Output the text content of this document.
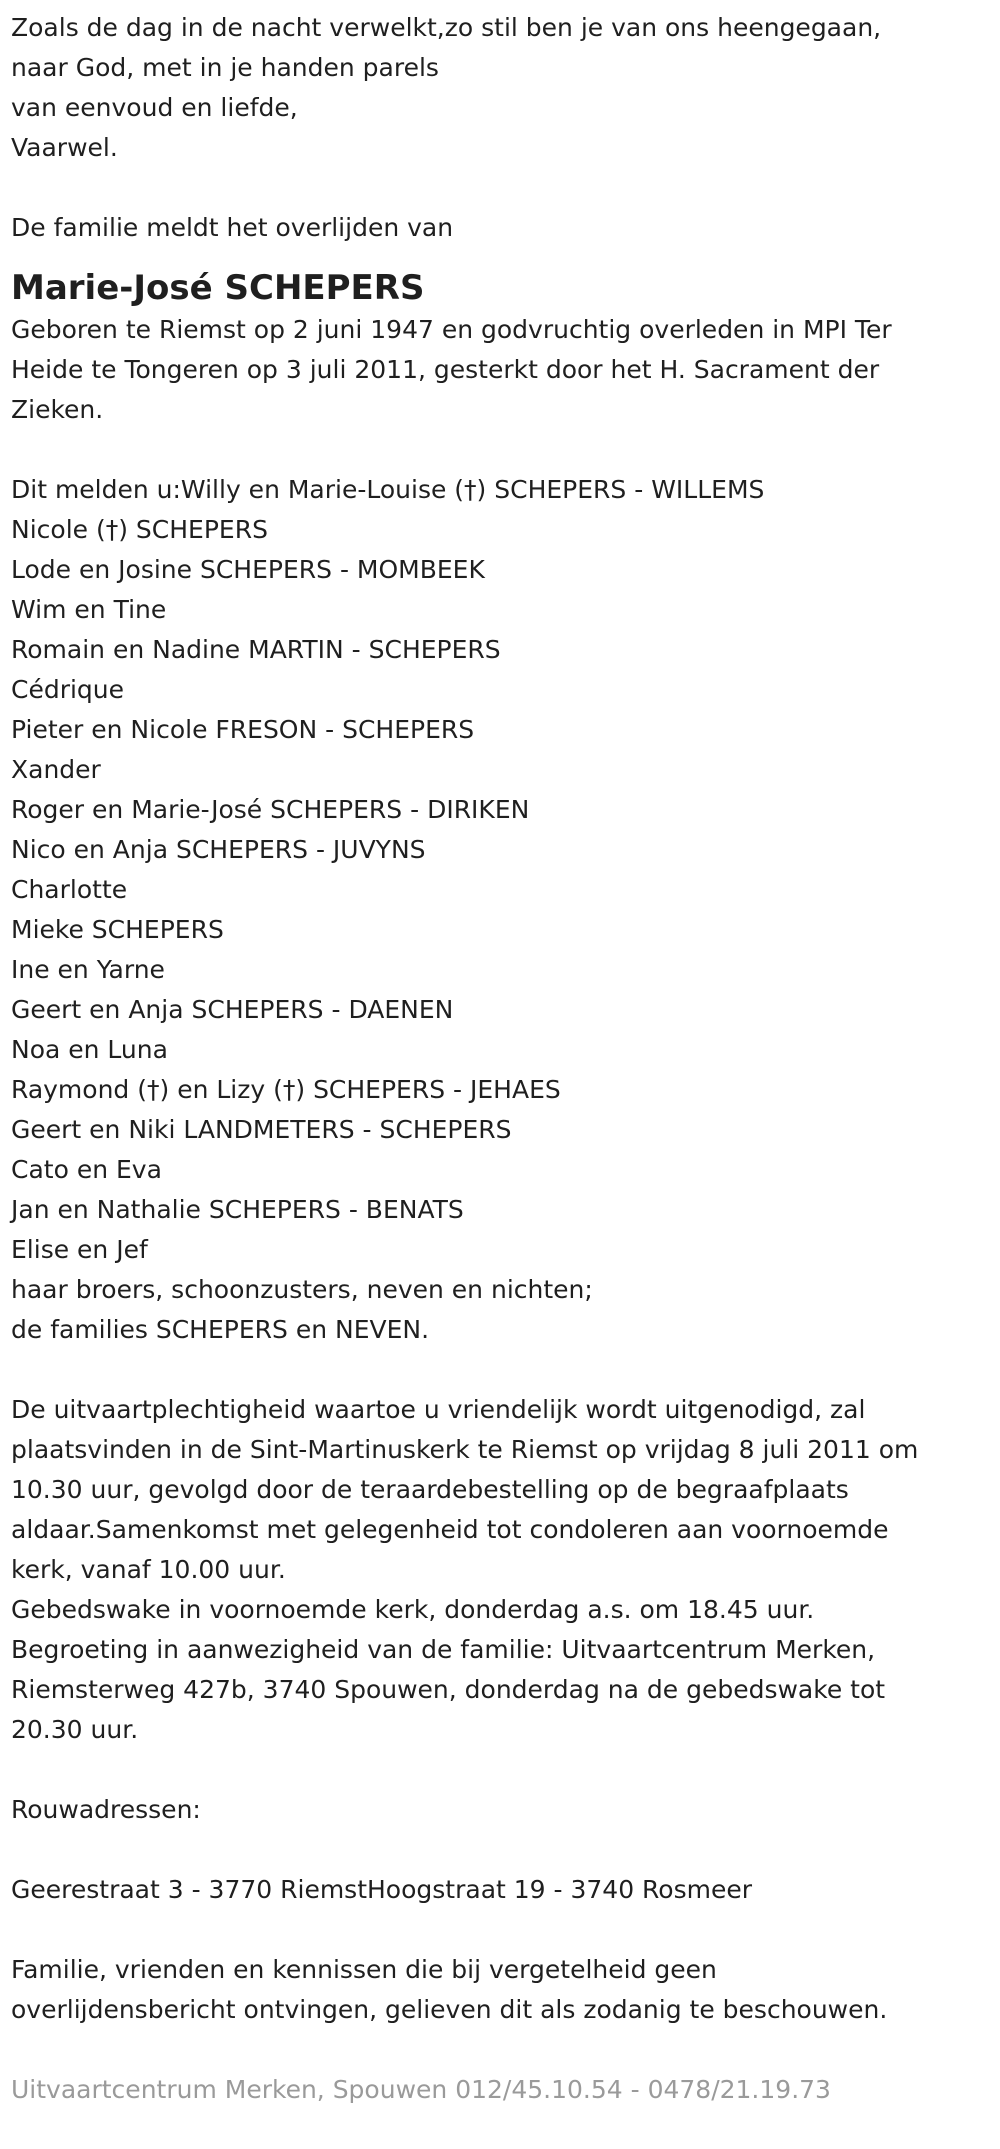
Zoals de dag in de nacht verwelkt,zo stil ben je van ons heengegaan,
naar God, met in je handen parels
van eenvoud en liefde,
Vaarwel.
De familie meldt het overlijden van
Marie-José SCHEPERS
Geboren te Riemst op 2 juni 1947 en godvruchtig overleden in MPI Ter
Heide te Tongeren op 3 juli 2011, gesterkt door het H. Sacrament der
Zieken.
Dit melden u:Willy en Marie-Louise (†) SCHEPERS - WILLEMS
Nicole (†) SCHEPERS
Lode en Josine SCHEPERS - MOMBEEK
Wim en Tine
Romain en Nadine MARTIN - SCHEPERS
Cédrique
Pieter en Nicole FRESON - SCHEPERS
Xander
Roger en Marie-José SCHEPERS - DIRIKEN
Nico en Anja SCHEPERS - JUVYNS
Charlotte
Mieke SCHEPERS
Ine en Yarne
Geert en Anja SCHEPERS - DAENEN
Noa en Luna
Raymond (†) en Lizy (†) SCHEPERS - JEHAES
Geert en Niki LANDMETERS - SCHEPERS
Cato en Eva
Jan en Nathalie SCHEPERS - BENATS
Elise en Jef
haar broers, schoonzusters, neven en nichten;
de families SCHEPERS en NEVEN.
De uitvaartplechtigheid waartoe u vriendelijk wordt uitgenodigd, zal
plaatsvinden in de Sint-Martinuskerk te Riemst op vrijdag 8 juli 2011 om
10.30 uur, gevolgd door de teraardebestelling op de begraafplaats
aldaar.Samenkomst met gelegenheid tot condoleren aan voornoemde
kerk, vanaf 10.00 uur.
Gebedswake in voornoemde kerk, donderdag a.s. om 18.45 uur.
Begroeting in aanwezigheid van de familie: Uitvaartcentrum Merken,
Riemsterweg 427b, 3740 Spouwen, donderdag na de gebedswake tot
20.30 uur.
Rouwadressen:
Geerestraat 3 - 3770 RiemstHoogstraat 19 - 3740 Rosmeer
Familie, vrienden en kennissen die bij vergetelheid geen
overlijdensbericht ontvingen, gelieven dit als zodanig te beschouwen.
Uitvaartcentrum Merken, Spouwen 012/45.10.54 - 0478/21.19.73
